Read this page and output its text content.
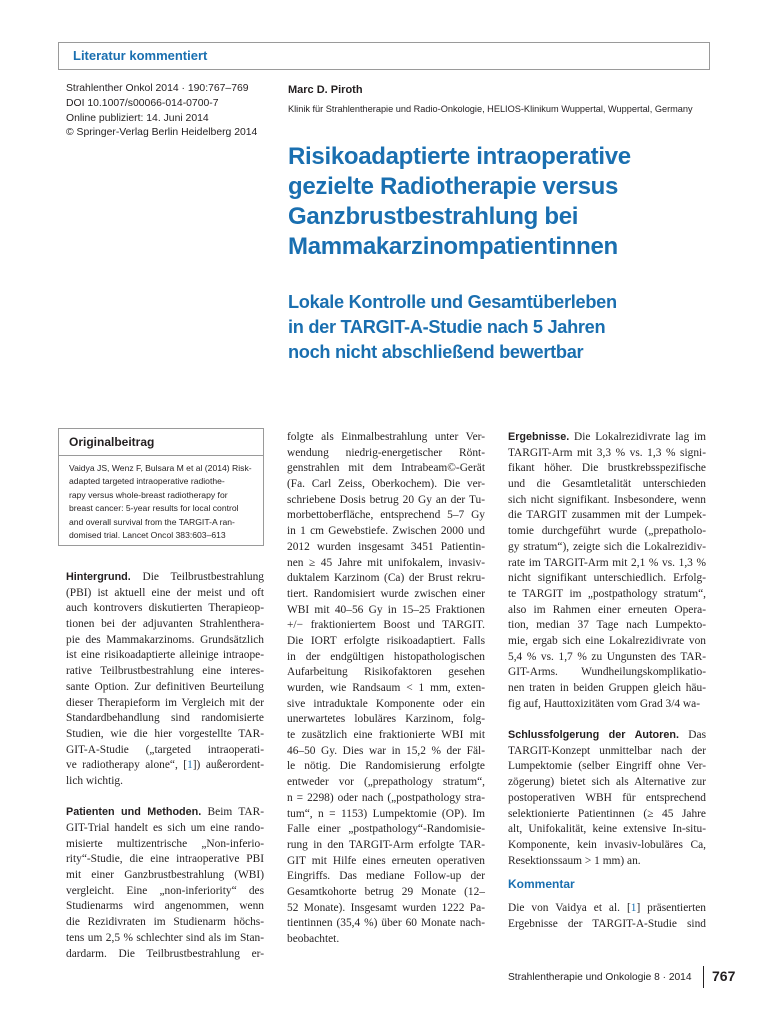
Literatur kommentiert
Strahlenther Onkol 2014 · 190:767–769
DOI 10.1007/s00066-014-0700-7
Online publiziert: 14. Juni 2014
© Springer-Verlag Berlin Heidelberg 2014
Marc D. Piroth
Klinik für Strahlentherapie und Radio-Onkologie, HELIOS-Klinikum Wuppertal, Wuppertal, Germany
Risikoadaptierte intraoperative
gezielte Radiotherapie versus
Ganzbrustbestrahlung bei
Mammakarzinompatientinnen
Lokale Kontrolle und Gesamtüberleben
in der TARGIT-A-Studie nach 5 Jahren
noch nicht abschließend bewertbar
Originalbeitrag
Vaidya JS, Wenz F, Bulsara M et al (2014) Risk-
adapted targeted intraoperative radiothe-
rapy versus whole-breast radiotherapy for
breast cancer: 5-year results for local control
and overall survival from the TARGIT-A ran-
domised trial. Lancet Oncol 383:603–613
Hintergrund. Die Teilbrustbestrahlung
(PBI) ist aktuell eine der meist und oft
auch kontrovers diskutierten Therapieop-
tionen bei der adjuvanten Strahlenthera-
pie des Mammakarzinoms. Grundsätzlich
ist eine risikoadaptierte alleinige intraope-
rative Teilbrustbestrahlung eine interes-
sante Option. Zur definitiven Beurteilung
dieser Therapieform im Vergleich mit der
Standardbehandlung sind randomisierte
Studien, wie die hier vorgestellte TAR-
GIT-A-Studie („targeted intraoperati-
ve radiotherapy alone“, [1]) außerordent-
lich wichtig.
Patienten und Methoden. Beim TAR-
GIT-Trial handelt es sich um eine rando-
misierte multizentrische „Non-inferio-
rity“-Studie, die eine intraoperative PBI
mit einer Ganzbrustbestrahlung (WBI)
vergleicht. Eine „non-inferiority“ des
Studienarms wird angenommen, wenn
die Rezidivraten im Studienarm höchs-
tens um 2,5 % schlechter sind als im Stan-
dardarm. Die Teilbrustbestrahlung er-
folgte als Einmalbestrahlung unter Ver-
wendung niedrig-energetischer Rönt-
genstrahlen mit dem Intrabeam©-Gerät
(Fa. Carl Zeiss, Oberkochem). Die ver-
schriebene Dosis betrug 20 Gy an der Tu-
morbettoberfläche, entsprechend 5–7 Gy
in 1 cm Gewebstiefe. Zwischen 2000 und
2012 wurden insgesamt 3451 Patientin-
nen ≥ 45 Jahre mit unifokalem, invasiv-
duktalem Karzinom (Ca) der Brust rekru-
tiert. Randomisiert wurde zwischen einer
WBI mit 40–56 Gy in 15–25 Fraktionen
+/− fraktioniertem Boost und TARGIT.
Die IORT erfolgte risikoadaptiert. Falls
in der endgültigen histopathologischen
Aufarbeitung Risikofaktoren gesehen
wurden, wie Randsaum < 1 mm, exten-
sive intraduktale Komponente oder ein
unerwartetes lobuläres Karzinom, folg-
te zusätzlich eine fraktionierte WBI mit
46–50 Gy. Dies war in 15,2 % der Fäl-
le nötig. Die Randomisierung erfolgte
entweder vor („prepathology stratum“,
n = 2298) oder nach („postpathology stra-
tum“, n = 1153) Lumpektomie (OP). Im
Falle einer „postpathology“-Randomisie-
rung in den TARGIT-Arm erfolgte TAR-
GIT mit Hilfe eines erneuten operativen
Eingriffs. Das mediane Follow-up der
Gesamtkohorte betrug 29 Monate (12–
52 Monate). Insgesamt wurden 1222 Pa-
tientinnen (35,4 %) über 60 Monate nach-
beobachtet.
Ergebnisse. Die Lokalrezidivrate lag im
TARGIT-Arm mit 3,3 % vs. 1,3 % signi-
fikant höher. Die brustkrebsspezifische
und die Gesamtletalität unterschieden
sich nicht signifikant. Insbesondere, wenn
die TARGIT zusammen mit der Lumpek-
tomie durchgeführt wurde („prepatholo-
gy stratum“), zeigte sich die Lokalrezidiv-
rate im TARGIT-Arm mit 2,1 % vs. 1,3 %
nicht signifikant unterschiedlich. Erfolg-
te TARGIT im „postpathology stratum“,
also im Rahmen einer erneuten Opera-
tion, median 37 Tage nach Lumpekto-
mie, ergab sich eine Lokalrezidivrate von
5,4 % vs. 1,7 % zu Ungunsten des TAR-
GIT-Arms. Wundheilungskomplikatio-
nen traten in beiden Gruppen gleich häu-
fig auf, Hauttoxizitäten vom Grad 3/4 wa-
Schlussfolgerung der Autoren. Das
TARGIT-Konzept unmittelbar nach der
Lumpektomie (selber Eingriff ohne Ver-
zögerung) bietet sich als Alternative zur
postoperativen WBH für entsprechend
selektionierte Patientinnen (≥ 45 Jahre
alt, Unifokalität, keine extensive In-situ-
Komponente, kein invasiv-lobuläres Ca,
Resektionssaum > 1 mm) an.
Kommentar
Die von Vaidya et al. [1] präsentierten
Ergebnisse der TARGIT-A-Studie sind
Strahlentherapie und Onkologie 8 · 2014 767
